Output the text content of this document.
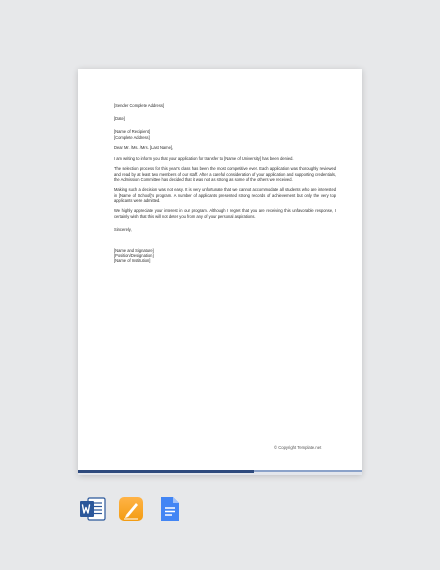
[Sender Complete Address]
[Date]
[Name of Recipient]
[Complete Address]
Dear Mr. /Ms. /Mrs. [Last Name],
I am writing to inform you that your application for transfer to [Name of University] has been denied.
The selection process for this year's class has been the most competitive ever. Each application was thoroughly reviewed and read by at least two members of our staff. After a careful consideration of your application and supporting credentials, the Admission Committee has decided that it was not as strong as some of the others we received.
Making such a decision was not easy. It is very unfortunate that we cannot accommodate all students who are interested in [Name of School]'s program. A number of applicants presented strong records of achievement but only the very top applicants were admitted.
We highly appreciate your interest in our program. Although I regret that you are receiving this unfavorable response, I certainly wish that this will not deter you from any of your personal aspirations.
Sincerely,
[Name and Signature]
[Position/Designation]
[Name of Institution]
© Copyright Template.net
